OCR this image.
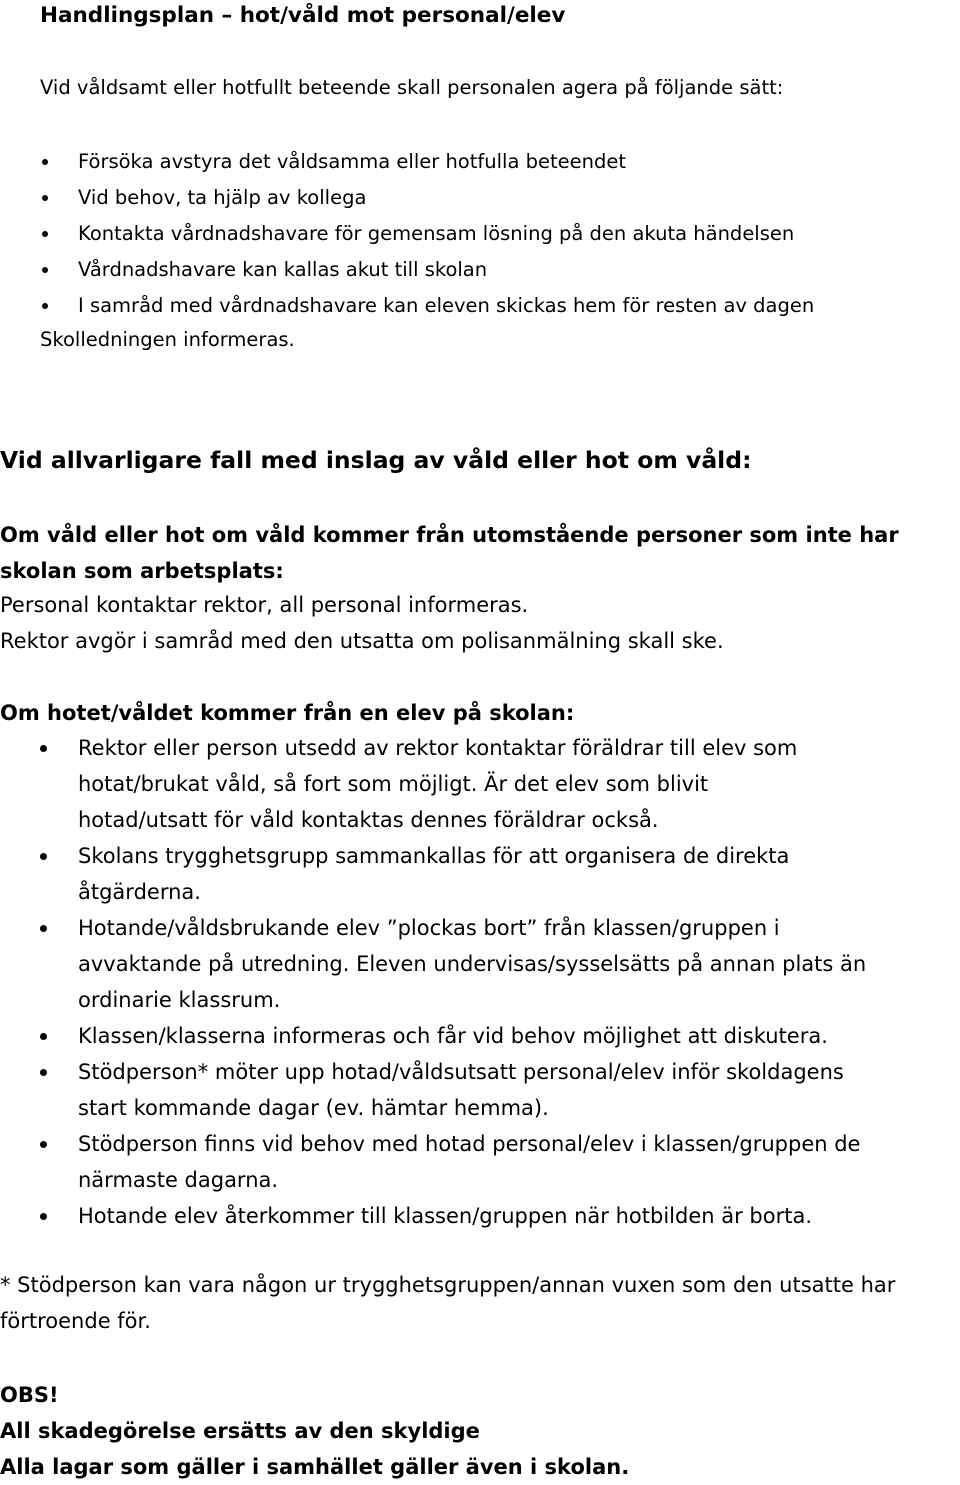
Handlingsplan – hot/våld mot personal/elev
Vid våldsamt eller hotfullt beteende skall personalen agera på följande sätt:
Försöka avstyra det våldsamma eller hotfulla beteendet
Vid behov, ta hjälp av kollega
Kontakta vårdnadshavare för gemensam lösning på den akuta händelsen
Vårdnadshavare kan kallas akut till skolan
I samråd med vårdnadshavare kan eleven skickas hem för resten av dagen
Skolledningen informeras.
Vid allvarligare fall med inslag av våld eller hot om våld:
Om våld eller hot om våld kommer från utomstående personer som inte har skolan som arbetsplats:
Personal kontaktar rektor, all personal informeras.
Rektor avgör i samråd med den utsatta om polisanmälning skall ske.
Om hotet/våldet kommer från en elev på skolan:
Rektor eller person utsedd av rektor kontaktar föräldrar till elev som
hotat/brukat våld, så fort som möjligt. Är det elev som blivit
hotad/utsatt för våld kontaktas dennes föräldrar också.
Skolans trygghetsgrupp sammankallas för att organisera de direkta
åtgärderna.
Hotande/våldsbrukande elev ”plockas bort” från klassen/gruppen i
avvaktande på utredning. Eleven undervisas/sysselsätts på annan plats än
ordinarie klassrum.
Klassen/klasserna informeras och får vid behov möjlighet att diskutera.
Stödperson* möter upp hotad/våldsutsatt personal/elev inför skoldagens
start kommande dagar (ev. hämtar hemma).
Stödperson finns vid behov med hotad personal/elev i klassen/gruppen de
närmaste dagarna.
Hotande elev återkommer till klassen/gruppen när hotbilden är borta.
* Stödperson kan vara någon ur trygghetsgruppen/annan vuxen som den utsatte har förtroende för.
OBS!
All skadegörelse ersätts av den skyldige
Alla lagar som gäller i samhället gäller även i skolan.
